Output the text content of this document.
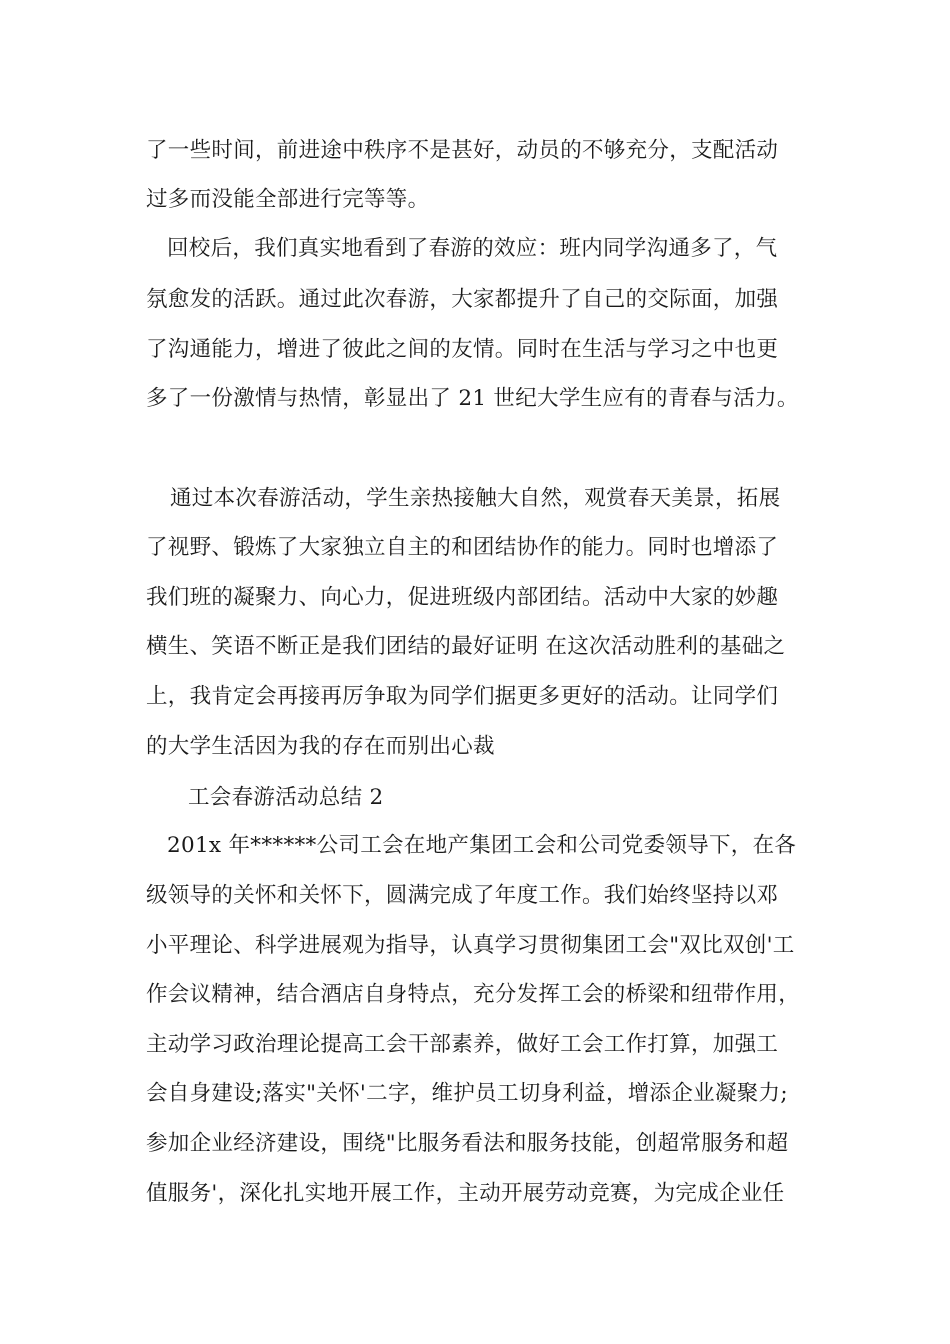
了一些时间，前进途中秩序不是甚好，动员的不够充分，支配活动
过多而没能全部进行完等等。
回校后，我们真实地看到了春游的效应：班内同学沟通多了，气
氛愈发的活跃。通过此次春游，大家都提升了自己的交际面，加强
了沟通能力，增进了彼此之间的友情。同时在生活与学习之中也更
多了一份激情与热情，彰显出了 21 世纪大学生应有的青春与活力。
通过本次春游活动，学生亲热接触大自然，观赏春天美景，拓展
了视野、锻炼了大家独立自主的和团结协作的能力。同时也增添了
我们班的凝聚力、向心力，促进班级内部团结。活动中大家的妙趣
横生、笑语不断正是我们团结的最好证明 在这次活动胜利的基础之
上，我肯定会再接再厉争取为同学们据更多更好的活动。让同学们
的大学生活因为我的存在而别出心裁
工会春游活动总结 2
201x 年******公司工会在地产集团工会和公司党委领导下，在各
级领导的关怀和关怀下，圆满完成了年度工作。我们始终坚持以邓
小平理论、科学进展观为指导，认真学习贯彻集团工会"双比双创'工
作会议精神，结合酒店自身特点，充分发挥工会的桥梁和纽带作用，
主动学习政治理论提高工会干部素养，做好工会工作打算，加强工
会自身建设;落实"关怀'二字，维护员工切身利益，增添企业凝聚力;
参加企业经济建设，围绕"比服务看法和服务技能，创超常服务和超
值服务'，深化扎实地开展工作，主动开展劳动竞赛，为完成企业任
